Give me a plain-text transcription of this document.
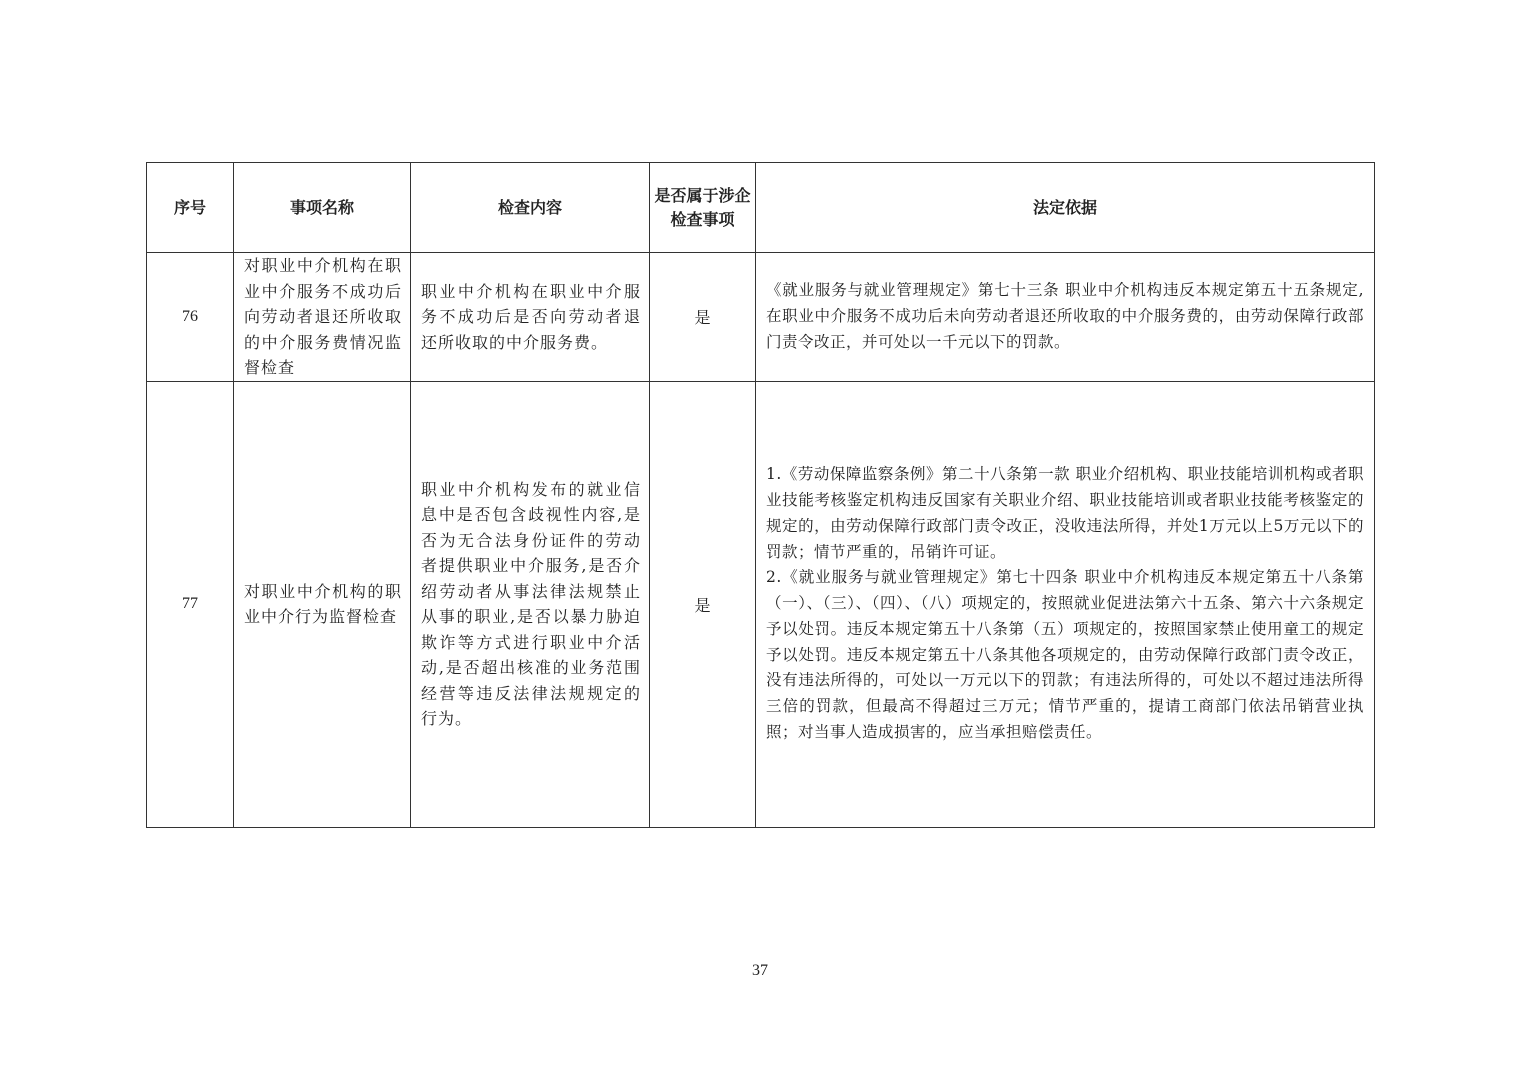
序号	事项名称	检查内容	是否属于涉企检查事项	法定依据
76	对职业中介机构在职业中介服务不成功后向劳动者退还所收取的中介服务费情况监督检查	职业中介机构在职业中介服务不成功后是否向劳动者退还所收取的中介服务费。	是	《就业服务与就业管理规定》第七十三条 职业中介机构违反本规定第五十五条规定,在职业中介服务不成功后未向劳动者退还所收取的中介服务费的，由劳动保障行政部门责令改正，并可处以一千元以下的罚款。

77	对职业中介机构的职业中介行为监督检查	职业中介机构发布的就业信息中是否包含歧视性内容,是否为无合法身份证件的劳动者提供职业中介服务,是否介绍劳动者从事法律法规禁止从事的职业,是否以暴力胁迫欺诈等方式进行职业中介活动,是否超出核准的业务范围经营等违反法律法规规定的行为。	是	1.《劳动保障监察条例》第二十八条第一款 职业介绍机构、职业技能培训机构或者职业技能考核鉴定机构违反国家有关职业介绍、职业技能培训或者职业技能考核鉴定的规定的，由劳动保障行政部门责令改正，没收违法所得，并处1万元以上5万元以下的罚款；情节严重的，吊销许可证。

2.《就业服务与就业管理规定》第七十四条 职业中介机构违反本规定第五十八条第（一）、（三）、（四）、（八）项规定的，按照就业促进法第六十五条、第六十六条规定予以处罚。违反本规定第五十八条第（五）项规定的，按照国家禁止使用童工的规定予以处罚。违反本规定第五十八条其他各项规定的，由劳动保障行政部门责令改正，没有违法所得的，可处以一万元以下的罚款；有违法所得的，可处以不超过违法所得三倍的罚款，但最高不得超过三万元；情节严重的，提请工商部门依法吊销营业执照；对当事人造成损害的，应当承担赔偿责任。

37
